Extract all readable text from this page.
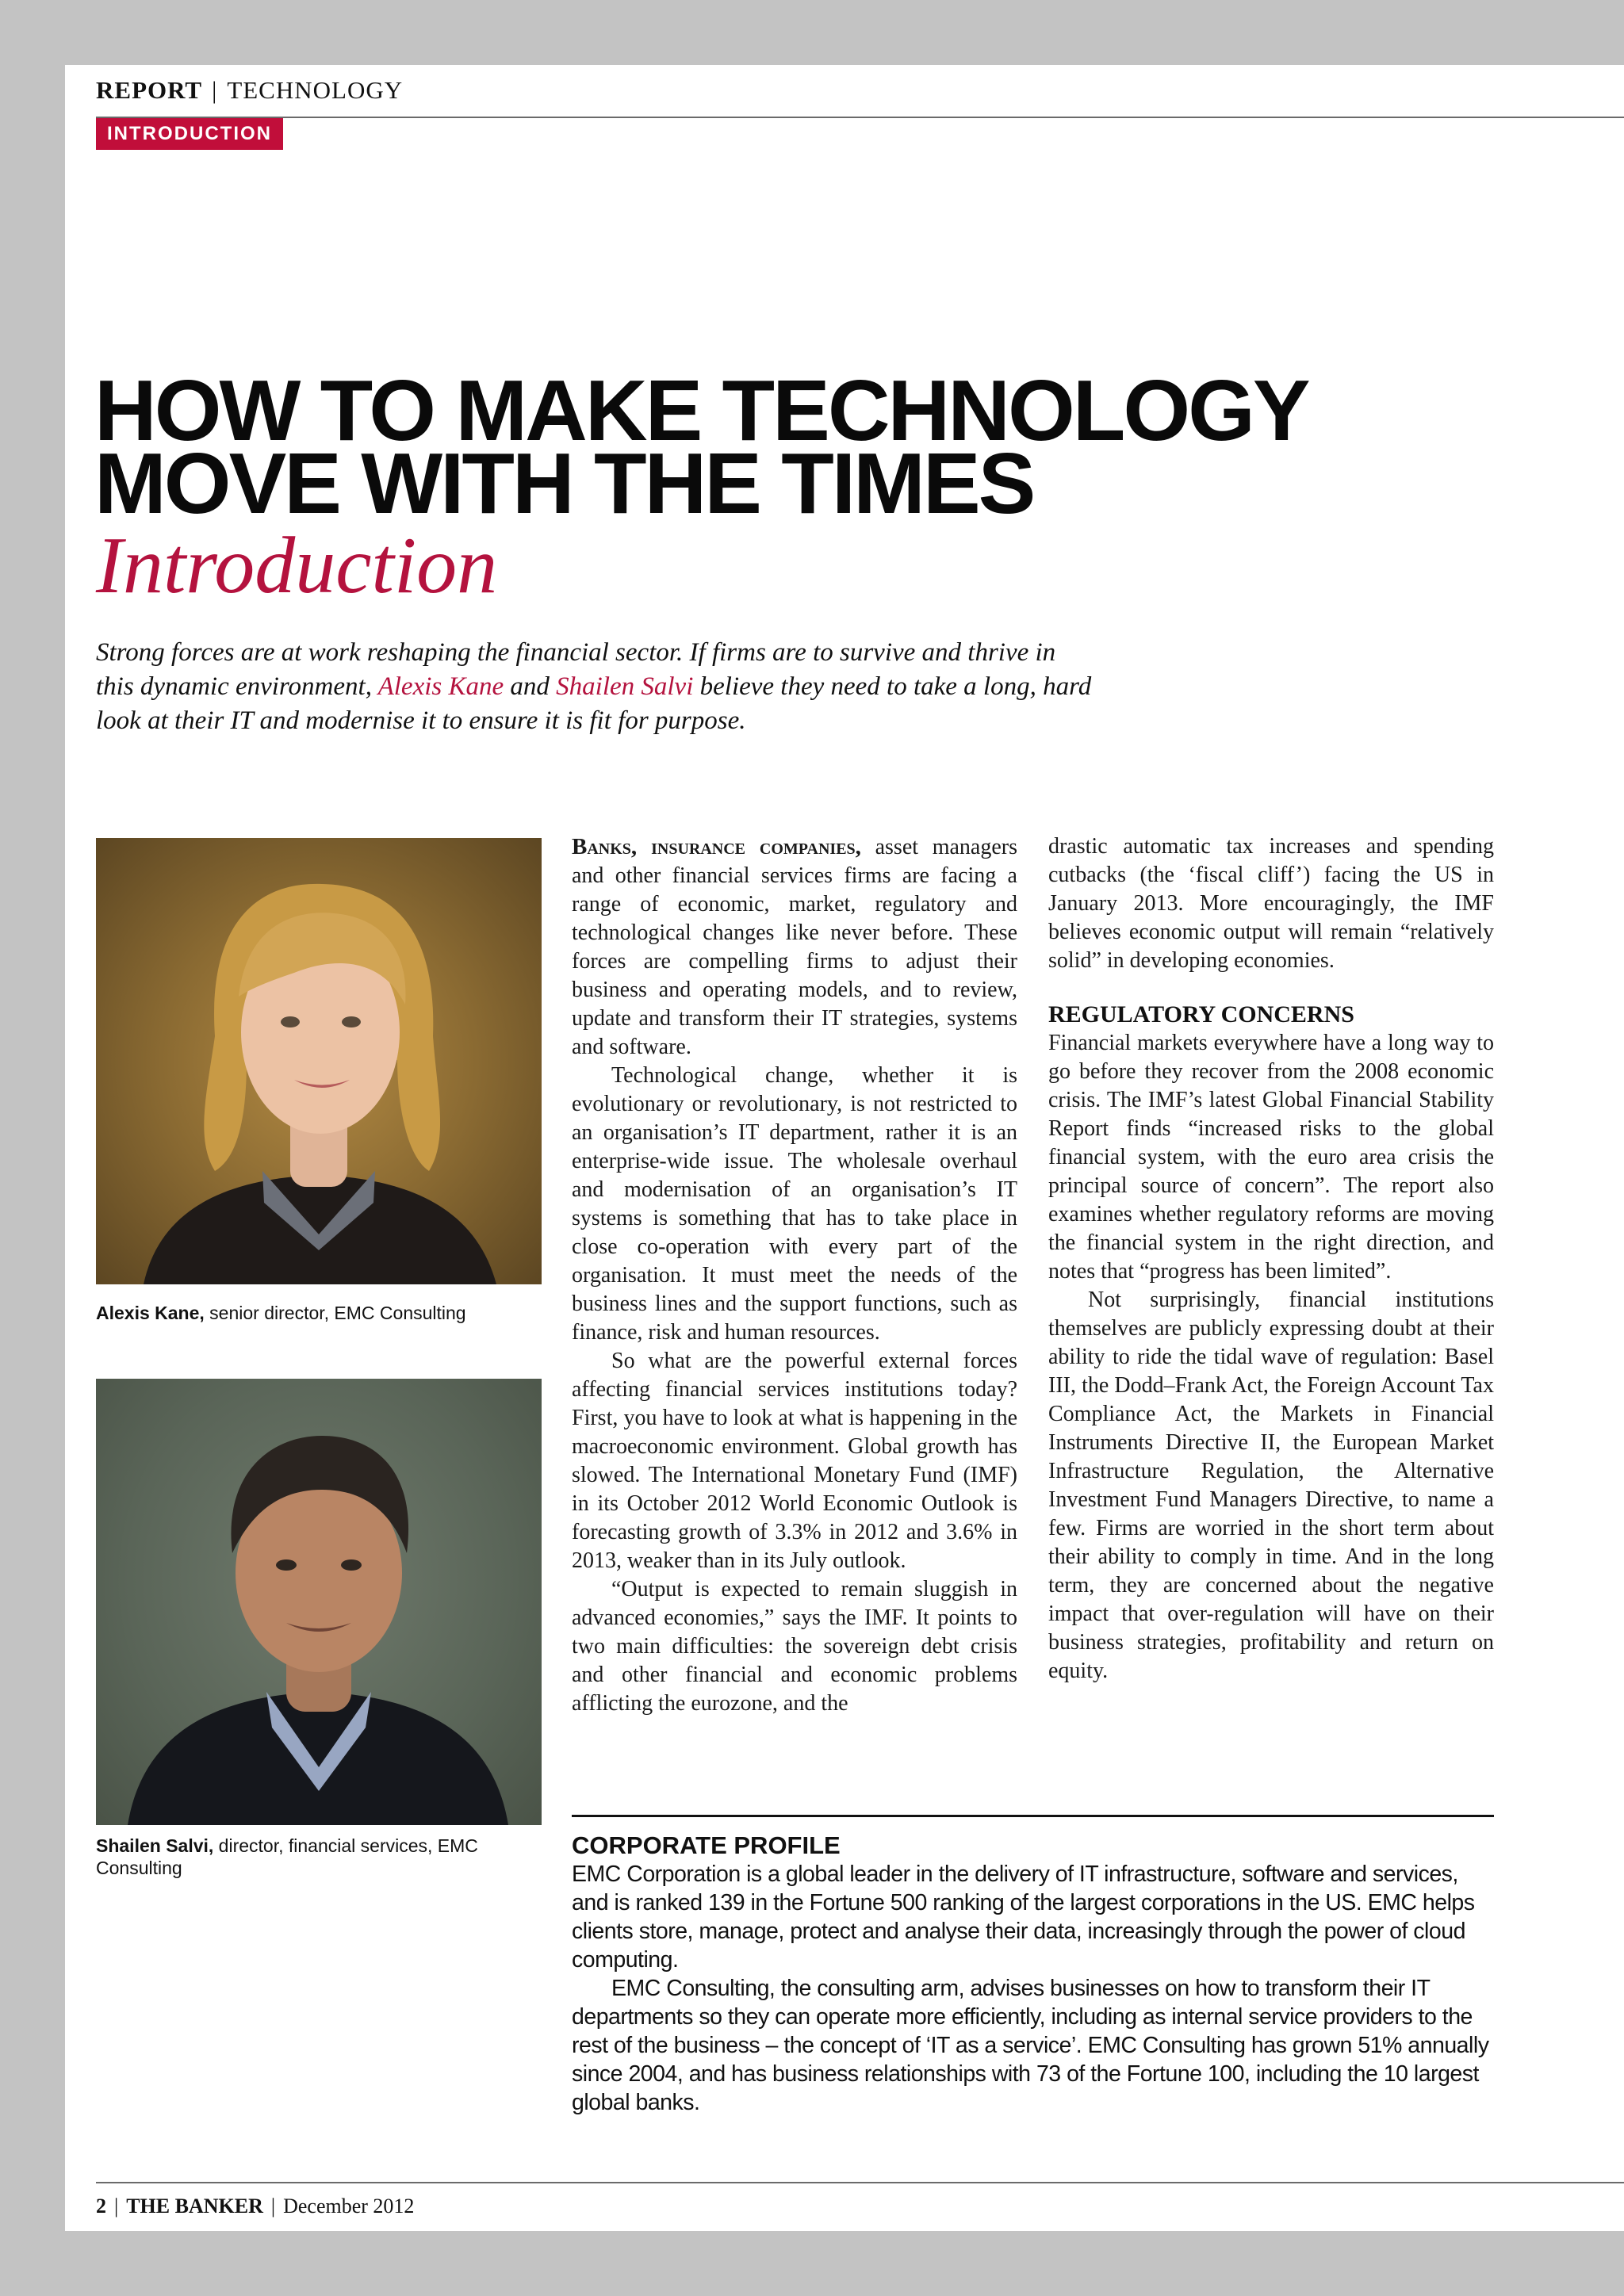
REPORT | TECHNOLOGY
INTRODUCTION
HOW TO MAKE TECHNOLOGY
MOVE WITH THE TIMES
Introduction
Strong forces are at work reshaping the financial sector. If firms are to survive and thrive in this dynamic environment, Alexis Kane and Shailen Salvi believe they need to take a long, hard look at their IT and modernise it to ensure it is fit for purpose.
Alexis Kane, senior director, EMC Consulting
Shailen Salvi, director, financial services, EMC Consulting

Banks, insurance companies, asset managers and other financial services firms are facing a range of economic, market, regulatory and technological changes like never before. These forces are compelling firms to adjust their business and operating models, and to review, update and transform their IT strategies, systems and software.

Technological change, whether it is evolutionary or revolutionary, is not restricted to an organisation’s IT department, rather it is an enterprise-wide issue. The wholesale overhaul and modernisation of an organisation’s IT systems is something that has to take place in close co-operation with every part of the organisation. It must meet the needs of the business lines and the support functions, such as finance, risk and human resources.

So what are the powerful external forces affecting financial services institutions today? First, you have to look at what is happening in the macroeconomic environment. Global growth has slowed. The International Monetary Fund (IMF) in its October 2012 World Economic Outlook is forecasting growth of 3.3% in 2012 and 3.6% in 2013, weaker than in its July outlook.

“Output is expected to remain sluggish in advanced economies,” says the IMF. It points to two main difficulties: the sovereign debt crisis and other financial and economic problems afflicting the eurozone, and the

drastic automatic tax increases and spending cutbacks (the ‘fiscal cliff’) facing the US in January 2013. More encouragingly, the IMF believes economic output will remain “relatively solid” in developing economies.

REGULATORY CONCERNS

Financial markets everywhere have a long way to go before they recover from the 2008 economic crisis. The IMF’s latest Global Financial Stability Report finds “increased risks to the global financial system, with the euro area crisis the principal source of concern”. The report also examines whether regulatory reforms are moving the financial system in the right direction, and notes that “progress has been limited”.

Not surprisingly, financial institutions themselves are publicly expressing doubt at their ability to ride the tidal wave of regulation: Basel III, the Dodd–Frank Act, the Foreign Account Tax Compliance Act, the Markets in Financial Instruments Directive II, the European Market Infrastructure Regulation, the Alternative Investment Fund Managers Directive, to name a few. Firms are worried in the short term about their ability to comply in time. And in the long term, they are concerned about the negative impact that over-regulation will have on their business strategies, profitability and return on equity.

CORPORATE PROFILE

EMC Corporation is a global leader in the delivery of IT infrastructure, software and services, and is ranked 139 in the Fortune 500 ranking of the largest corporations in the US. EMC helps clients store, manage, protect and analyse their data, increasingly through the power of cloud computing.

EMC Consulting, the consulting arm, advises businesses on how to transform their IT departments so they can operate more efficiently, including as internal service providers to the rest of the business – the concept of ‘IT as a service’. EMC Consulting has grown 51% annually since 2004, and has business relationships with 73 of the Fortune 100, including the 10 largest global banks.

2 | THE BANKER | December 2012
